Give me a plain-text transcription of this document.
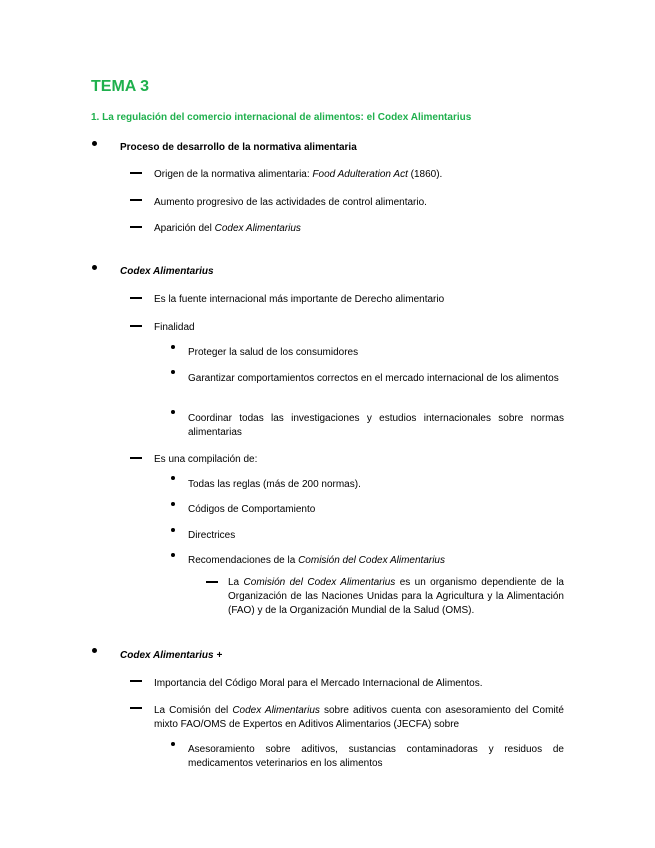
TEMA 3
1. La regulación del comercio internacional de alimentos: el Codex Alimentarius
Proceso de desarrollo de la normativa alimentaria
Origen de la normativa alimentaria: Food Adulteration Act (1860).
Aumento progresivo de las actividades de control alimentario.
Aparición del Codex Alimentarius
Codex Alimentarius
Es la fuente internacional más importante de Derecho alimentario
Finalidad
Proteger la salud de los consumidores
Garantizar comportamientos correctos en el mercado internacional de los alimentos
Coordinar todas las investigaciones y estudios internacionales sobre normas alimentarias
Es una compilación de:
Todas las reglas (más de 200 normas).
Códigos de Comportamiento
Directrices
Recomendaciones de la Comisión del Codex Alimentarius
La Comisión del Codex Alimentarius es un organismo dependiente de la Organización de las Naciones Unidas para la Agricultura y la Alimentación (FAO) y de la Organización Mundial de la Salud (OMS).
Codex Alimentarius +
Importancia del Código Moral para el Mercado Internacional de Alimentos.
La Comisión del Codex Alimentarius sobre aditivos cuenta con asesoramiento del Comité mixto FAO/OMS de Expertos en Aditivos Alimentarios (JECFA) sobre
Asesoramiento sobre aditivos, sustancias contaminadoras y residuos de medicamentos veterinarios en los alimentos
